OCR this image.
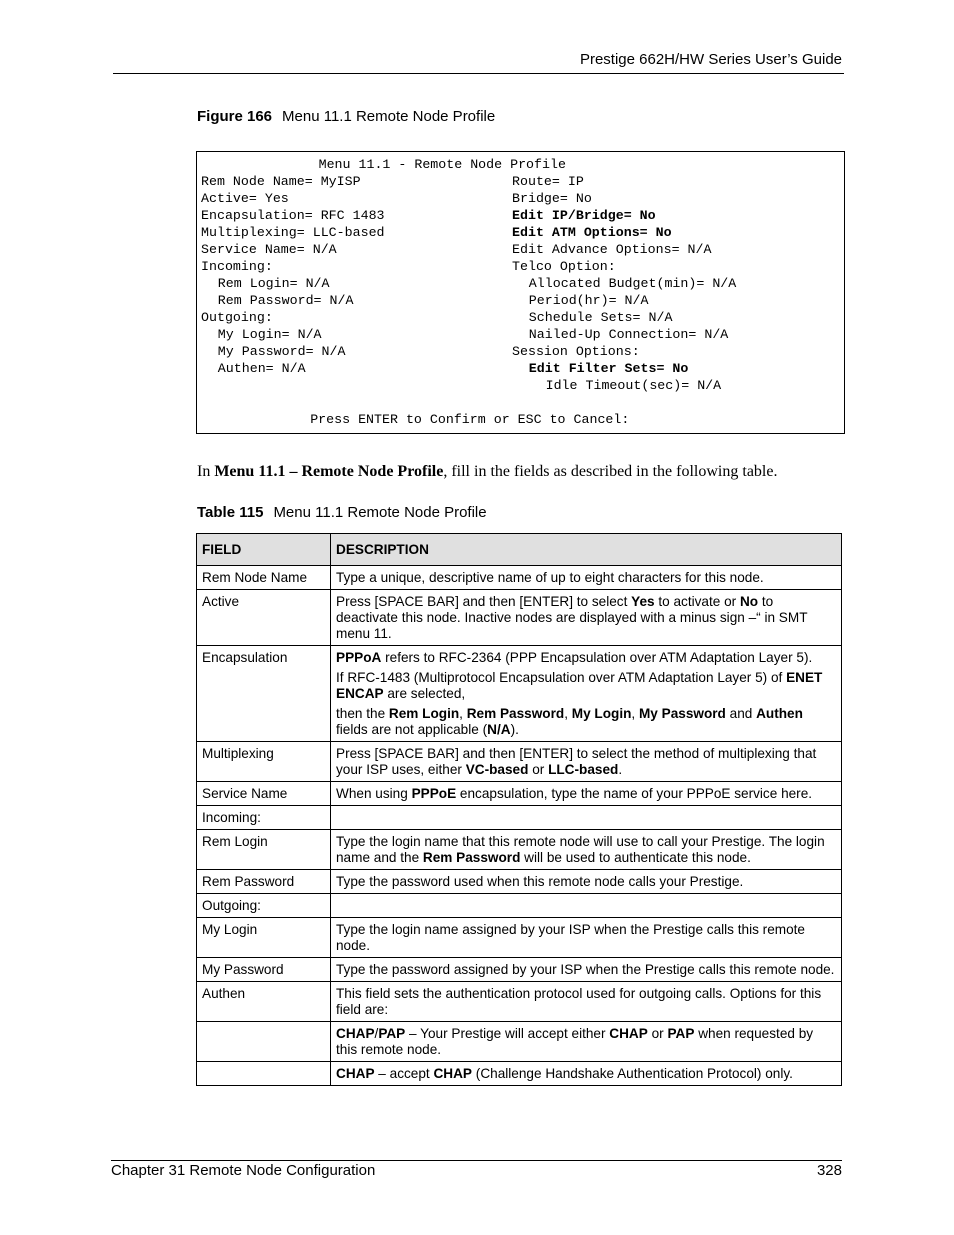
Prestige 662H/HW Series User’s Guide
Figure 166 Menu 11.1 Remote Node Profile
Menu 11.1 - Remote Node Profile
Rem Node Name= MyISP
Active= Yes
Encapsulation= RFC 1483
Multiplexing= LLC-based
Service Name= N/A
Incoming:
Rem Login= N/A
Rem Password= N/A
Outgoing:
My Login= N/A
My Password= N/A
Authen= N/A
Route= IP
Bridge= No
Edit IP/Bridge= No
Edit ATM Options= No
Edit Advance Options= N/A
Telco Option:
Allocated Budget(min)= N/A
Period(hr)= N/A
Schedule Sets= N/A
Nailed-Up Connection= N/A
Session Options:
Edit Filter Sets= No
Idle Timeout(sec)= N/A
Press ENTER to Confirm or ESC to Cancel:
In Menu 11.1 – Remote Node Profile, fill in the fields as described in the following table.
Table 115 Menu 11.1 Remote Node Profile
FIELD	DESCRIPTION
Rem Node Name	Type a unique, descriptive name of up to eight characters for this node.

Active	Press [SPACE BAR] and then [ENTER] to select Yes to activate or No to deactivate this node. Inactive nodes are displayed with a minus sign –“ in SMT menu 11.

Encapsulation	PPPoA refers to RFC-2364 (PPP Encapsulation over ATM Adaptation Layer 5).
If RFC-1483 (Multiprotocol Encapsulation over ATM Adaptation Layer 5) of ENET ENCAP are selected,
then the Rem Login, Rem Password, My Login, My Password and Authen fields are not applicable (N/A).

Multiplexing	Press [SPACE BAR] and then [ENTER] to select the method of multiplexing that your ISP uses, either VC-based or LLC-based.

Service Name	When using PPPoE encapsulation, type the name of your PPPoE service here.

Incoming:	
Rem Login	Type the login name that this remote node will use to call your Prestige. The login name and the Rem Password will be used to authenticate this node.

Rem Password	Type the password used when this remote node calls your Prestige.

Outgoing:	
My Login	Type the login name assigned by your ISP when the Prestige calls this remote node.

My Password	Type the password assigned by your ISP when the Prestige calls this remote node.

Authen	This field sets the authentication protocol used for outgoing calls. Options for this field are:

	CHAP/PAP – Your Prestige will accept either CHAP or PAP when requested by this remote node.

	CHAP – accept CHAP (Challenge Handshake Authentication Protocol) only.
Chapter 31 Remote Node Configuration	328
